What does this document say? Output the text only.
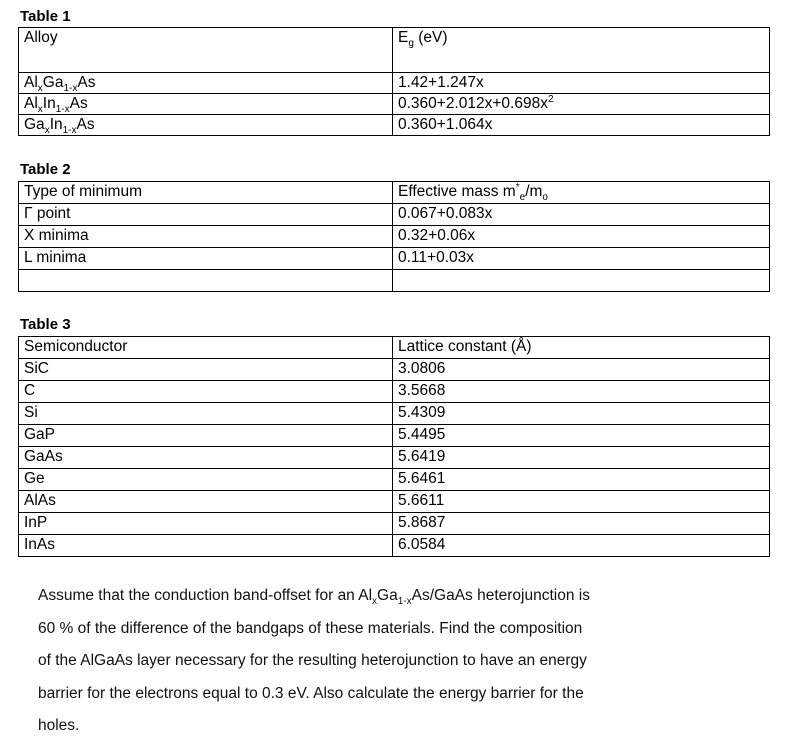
Table 1
Alloy	$E_g$ (eV)
$Al_xGa_{1-x}As$	1.42+1.247x
$Al_xIn_{1-x}As$	$0.360+2.012x+0.698x^2$
$Ga_xIn_{1-x}As$	0.360+1.064x
Table 2
Type of minimum	Effective mass $m^*_e/m_o$
Γ point	0.067+0.083x
X minima	0.32+0.06x
L minima	0.11+0.03x

Table 3
Semiconductor	Lattice constant (Å)
SiC	3.0806
C	3.5668
Si	5.4309
GaP	5.4495
GaAs	5.6419
Ge	5.6461
AlAs	5.6611
InP	5.8687
InAs	6.0584
Assume that the conduction band-offset for an $Al_xGa_{1-x}As$/GaAs heterojunction is
60 % of the difference of the bandgaps of these materials. Find the composition
of the AlGaAs layer necessary for the resulting heterojunction to have an energy
barrier for the electrons equal to 0.3 eV. Also calculate the energy barrier for the
holes.
